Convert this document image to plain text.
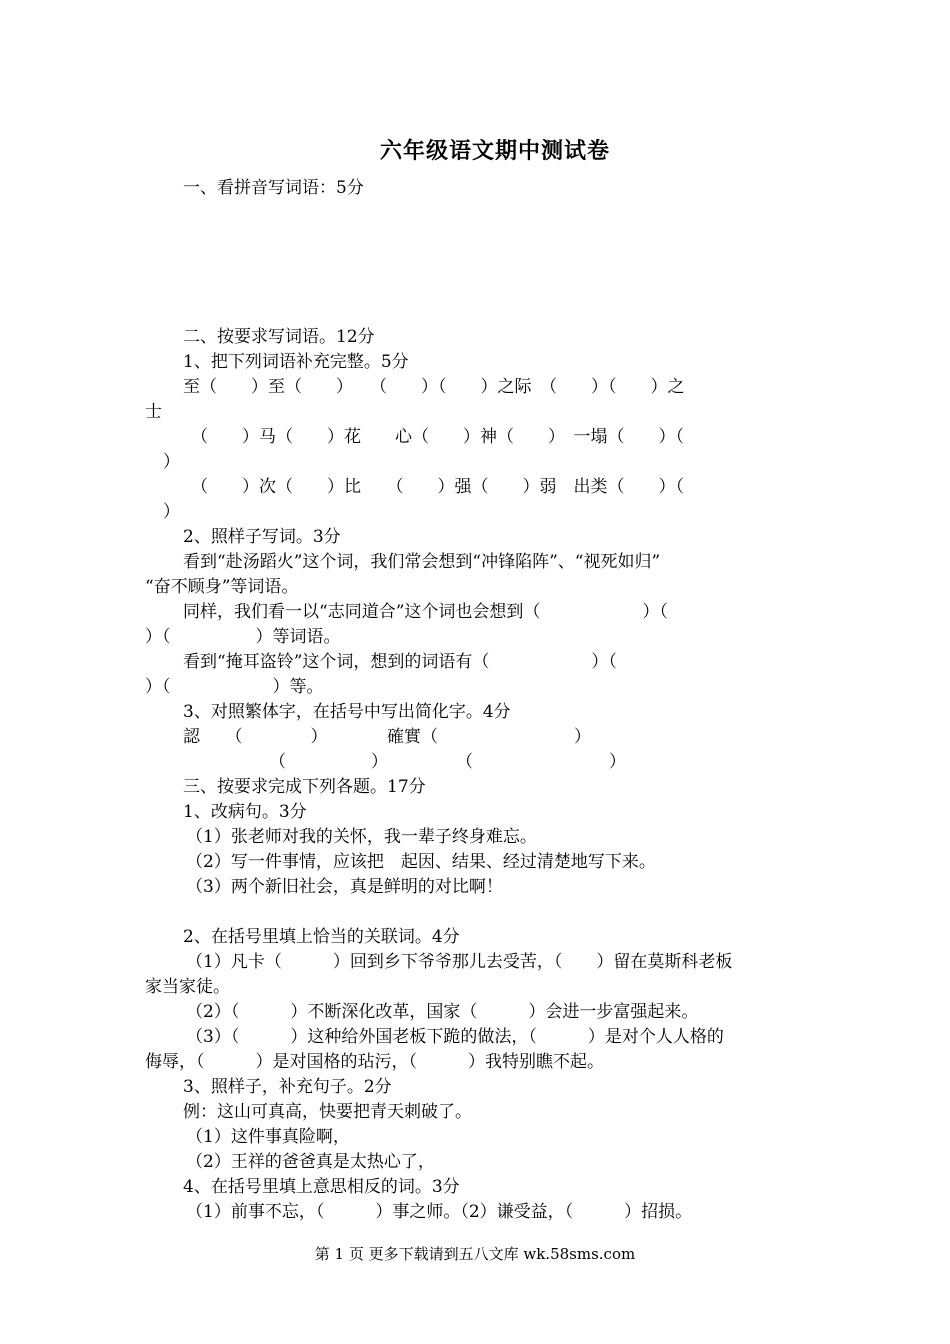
六年级语文期中测试卷
一、看拼音写词语：5分
二、按要求写词语。12分
1、把下列词语补充完整。5分
至（　　）至（　　）　　（　　）（　　）之际　（　　）（　　）之
士
（　　）马（　　）花　　心（　　）神（　　）　一塌（　　）（
）
（　　）次（　　）比　　（　　）强（　　）弱　出类（　　）（
）
2、照样子写词。3分
看到“赴汤蹈火”这个词，我们常会想到“冲锋陷阵”、“视死如归”
“奋不顾身”等词语。
同样，我们看一以“志同道合”这个词也会想到（　　　　　　）（
）（　　　　　）等词语。
看到“掩耳盗铃”这个词，想到的词语有（　　　　　　）（
）（　　　　　　）等。
3、对照繁体字，在括号中写出简化字。4分
認　　（　　　　）　　　　確實（　　　　　　　　）
（　　　　　）　　　　　（　　　　　　　　）
三、按要求完成下列各题。17分
1、改病句。3分
（1）张老师对我的关怀，我一辈子终身难忘。
（2）写一件事情，应该把　起因、结果、经过清楚地写下来。
（3）两个新旧社会，真是鲜明的对比啊！
2、在括号里填上恰当的关联词。4分
（1）凡卡（　　　）回到乡下爷爷那儿去受苦，（　　）留在莫斯科老板
家当家徒。
（2）（　　　）不断深化改革，国家（　　　）会进一步富强起来。
（3）（　　　）这种给外国老板下跪的做法，（　　　）是对个人人格的
侮辱，（　　　）是对国格的玷污，（　　　）我特别瞧不起。
3、照样子，补充句子。2分
例：这山可真高，快要把青天刺破了。
（1）这件事真险啊，
（2）王祥的爸爸真是太热心了，
4、在括号里填上意思相反的词。3分
（1）前事不忘，（　　　）事之师。（2）谦受益，（　　　）招损。
第 1 页 更多下载请到五八文库 wk.58sms.com
